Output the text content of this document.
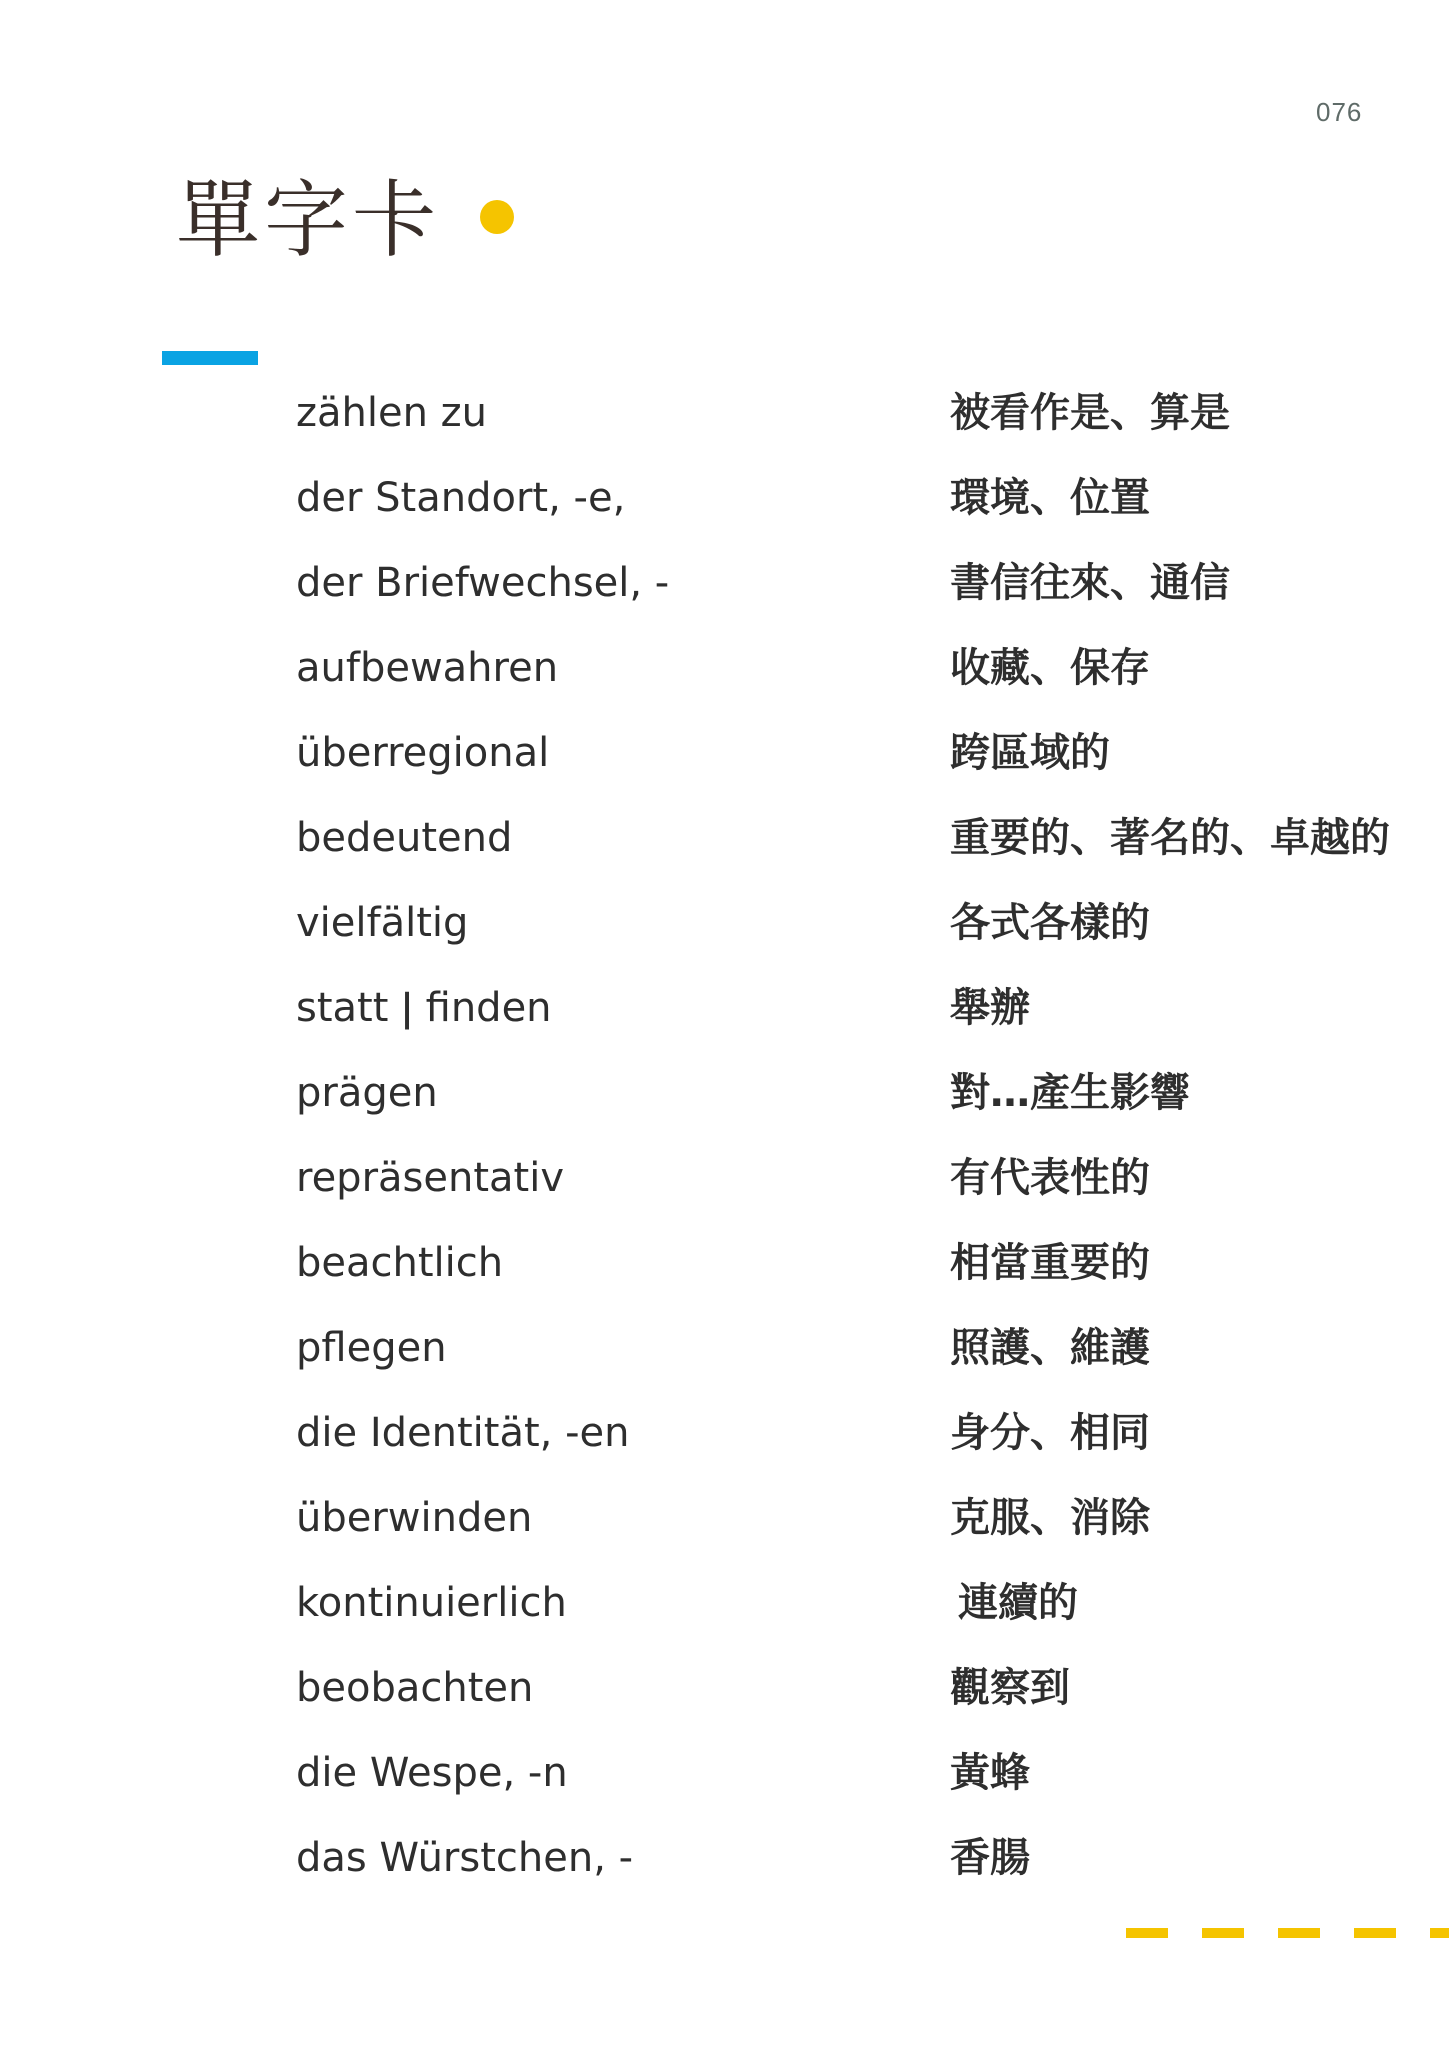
076
單字卡
zählen zu	被看作是、算是
der Standort, -e,	環境、位置
der Briefwechsel, -	書信往來、通信
aufbewahren	收藏、保存
überregional	跨區域的
bedeutend	重要的、著名的、卓越的
vielfältig	各式各樣的
statt ǀ finden	舉辦
prägen	對…產生影響
repräsentativ	有代表性的
beachtlich	相當重要的
pflegen	照護、維護
die Identität, -en	身分、相同
überwinden	克服、消除
kontinuierlich	連續的
beobachten	觀察到
die Wespe, -n	黃蜂
das Würstchen, -	香腸
